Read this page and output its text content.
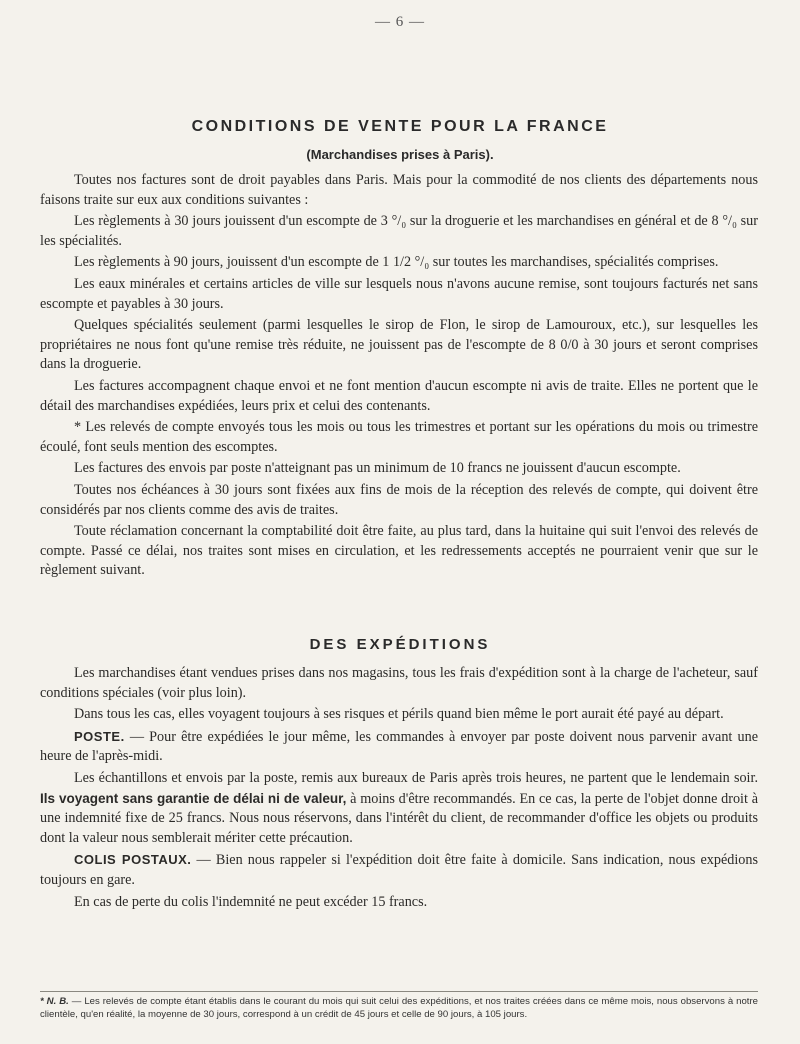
— 6 —
CONDITIONS DE VENTE POUR LA FRANCE
(Marchandises prises à Paris).

Toutes nos factures sont de droit payables dans Paris. Mais pour la commodité de nos clients des départements nous faisons traite sur eux aux conditions suivantes :

Les règlements à 30 jours jouissent d'un escompte de 3 °/₀ sur la droguerie et les marchandises en général et de 8 °/₀ sur les spécialités.

Les règlements à 90 jours, jouissent d'un escompte de 1 1/2 °/₀ sur toutes les marchandises, spécialités comprises.

Les eaux minérales et certains articles de ville sur lesquels nous n'avons aucune remise, sont toujours facturés net sans escompte et payables à 30 jours.

Quelques spécialités seulement (parmi lesquelles le sirop de Flon, le sirop de Lamouroux, etc.), sur lesquelles les propriétaires ne nous font qu'une remise très réduite, ne jouissent pas de l'escompte de 8 0/0 à 30 jours et seront comprises dans la droguerie.

Les factures accompagnent chaque envoi et ne font mention d'aucun escompte ni avis de traite. Elles ne portent que le détail des marchandises expédiées, leurs prix et celui des contenants.

* Les relevés de compte envoyés tous les mois ou tous les trimestres et portant sur les opérations du mois ou trimestre écoulé, font seuls mention des escomptes.

Les factures des envois par poste n'atteignant pas un minimum de 10 francs ne jouissent d'aucun escompte.

Toutes nos échéances à 30 jours sont fixées aux fins de mois de la réception des relevés de compte, qui doivent être considérés par nos clients comme des avis de traites.

Toute réclamation concernant la comptabilité doit être faite, au plus tard, dans la huitaine qui suit l'envoi des relevés de compte. Passé ce délai, nos traites sont mises en circulation, et les redressements acceptés ne pourraient venir que sur le règlement suivant.

DES EXPÉDITIONS

Les marchandises étant vendues prises dans nos magasins, tous les frais d'expédition sont à la charge de l'acheteur, sauf conditions spéciales (voir plus loin).

Dans tous les cas, elles voyagent toujours à ses risques et périls quand bien même le port aurait été payé au départ.

POSTE. — Pour être expédiées le jour même, les commandes à envoyer par poste doivent nous parvenir avant une heure de l'après-midi.

Les échantillons et envois par la poste, remis aux bureaux de Paris après trois heures, ne partent que le lendemain soir. Ils voyagent sans garantie de délai ni de valeur, à moins d'être recommandés. En ce cas, la perte de l'objet donne droit à une indemnité fixe de 25 francs. Nous nous réservons, dans l'intérêt du client, de recommander d'office les objets ou produits dont la valeur nous semblerait mériter cette précaution.

COLIS POSTAUX. — Bien nous rappeler si l'expédition doit être faite à domicile. Sans indication, nous expédions toujours en gare.

En cas de perte du colis l'indemnité ne peut excéder 15 francs.

* N. B. — Les relevés de compte étant établis dans le courant du mois qui suit celui des expéditions, et nos traites créées dans ce même mois, nous observons à notre clientèle, qu'en réalité, la moyenne de 30 jours, correspond à un crédit de 45 jours et celle de 90 jours, à 105 jours.
